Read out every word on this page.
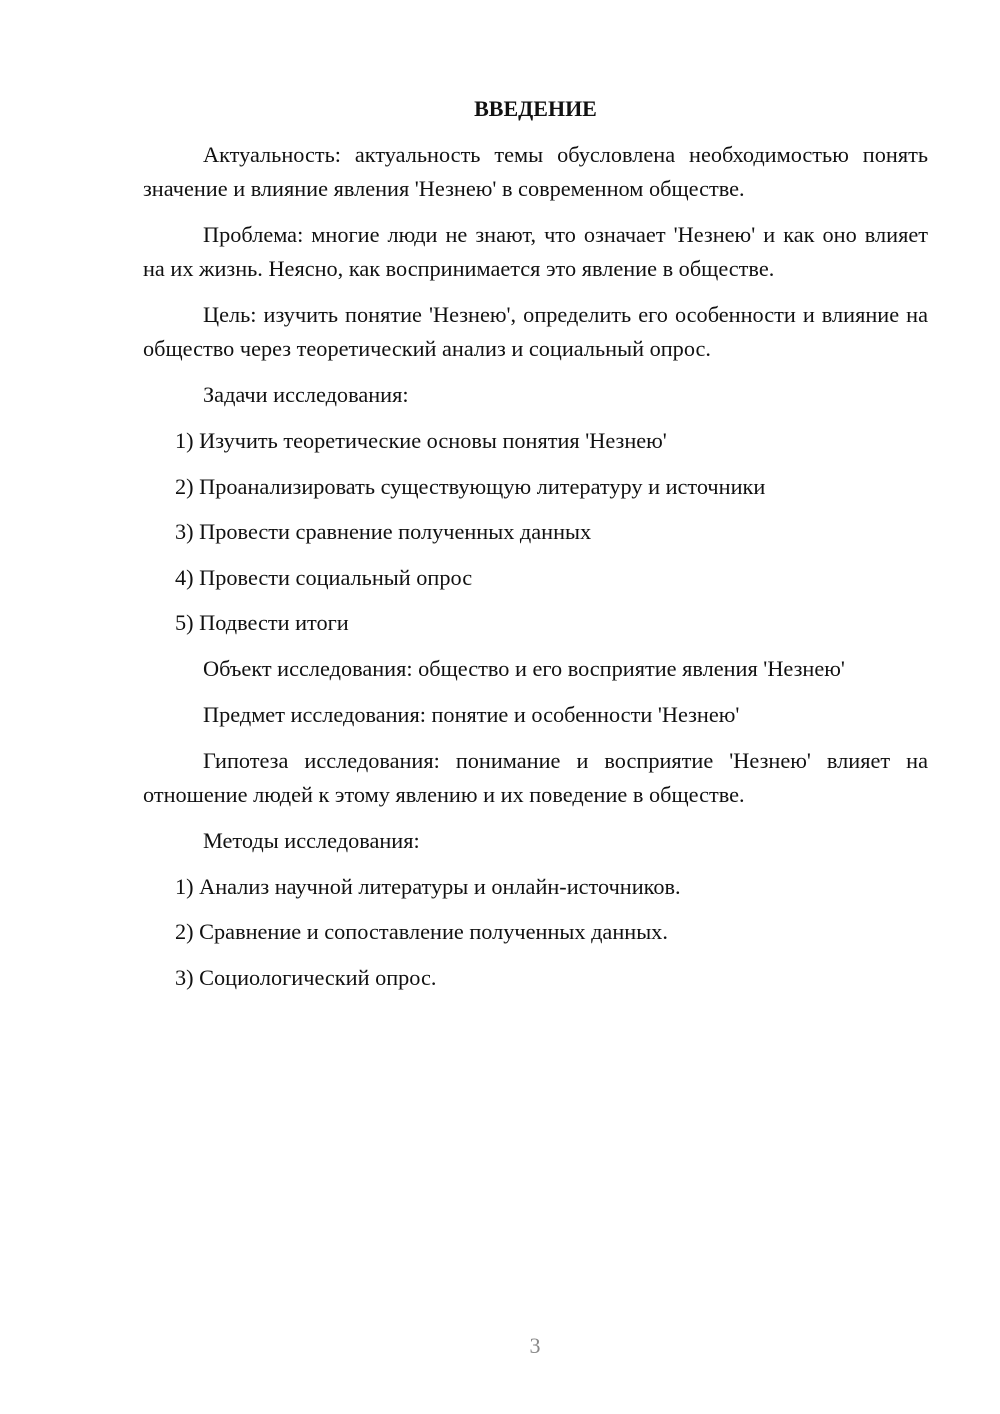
ВВЕДЕНИЕ

Актуальность: актуальность темы обусловлена необходимостью понять значение и влияние явления 'Незнею' в современном обществе.

Проблема: многие люди не знают, что означает 'Незнею' и как оно влияет на их жизнь. Неясно, как воспринимается это явление в обществе.

Цель: изучить понятие 'Незнею', определить его особенности и влияние на общество через теоретический анализ и социальный опрос.

Задачи исследования:

1) Изучить теоретические основы понятия 'Незнею'
2) Проанализировать существующую литературу и источники
3) Провести сравнение полученных данных
4) Провести социальный опрос
5) Подвести итоги

Объект исследования: общество и его восприятие явления 'Незнею'

Предмет исследования: понятие и особенности 'Незнею'

Гипотеза исследования: понимание и восприятие 'Незнею' влияет на отношение людей к этому явлению и их поведение в обществе.

Методы исследования:

1) Анализ научной литературы и онлайн-источников.
2) Сравнение и сопоставление полученных данных.
3) Социологический опрос.
3
